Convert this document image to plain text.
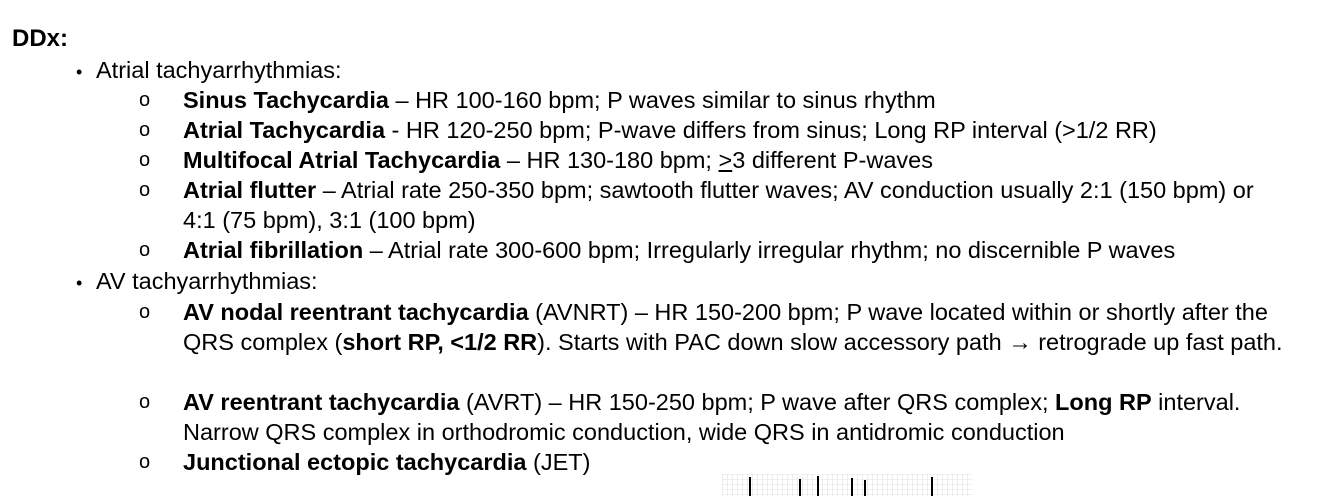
DDx:
• Atrial tachyarrhythmias:
o Sinus Tachycardia – HR 100-160 bpm; P waves similar to sinus rhythm
o Atrial Tachycardia - HR 120-250 bpm; P-wave differs from sinus; Long RP interval (>1/2 RR)
o Multifocal Atrial Tachycardia – HR 130-180 bpm; >3 different P-waves
o Atrial flutter – Atrial rate 250-350 bpm; sawtooth flutter waves; AV conduction usually 2:1 (150 bpm) or 4:1 (75 bpm), 3:1 (100 bpm)
o Atrial fibrillation – Atrial rate 300-600 bpm; Irregularly irregular rhythm; no discernible P waves
• AV tachyarrhythmias:
o AV nodal reentrant tachycardia (AVNRT) – HR 150-200 bpm; P wave located within or shortly after the QRS complex (short RP, <1/2 RR). Starts with PAC down slow accessory path → retrograde up fast path.
o AV reentrant tachycardia (AVRT) – HR 150-250 bpm; P wave after QRS complex; Long RP interval. Narrow QRS complex in orthodromic conduction, wide QRS in antidromic conduction
o Junctional ectopic tachycardia (JET)
